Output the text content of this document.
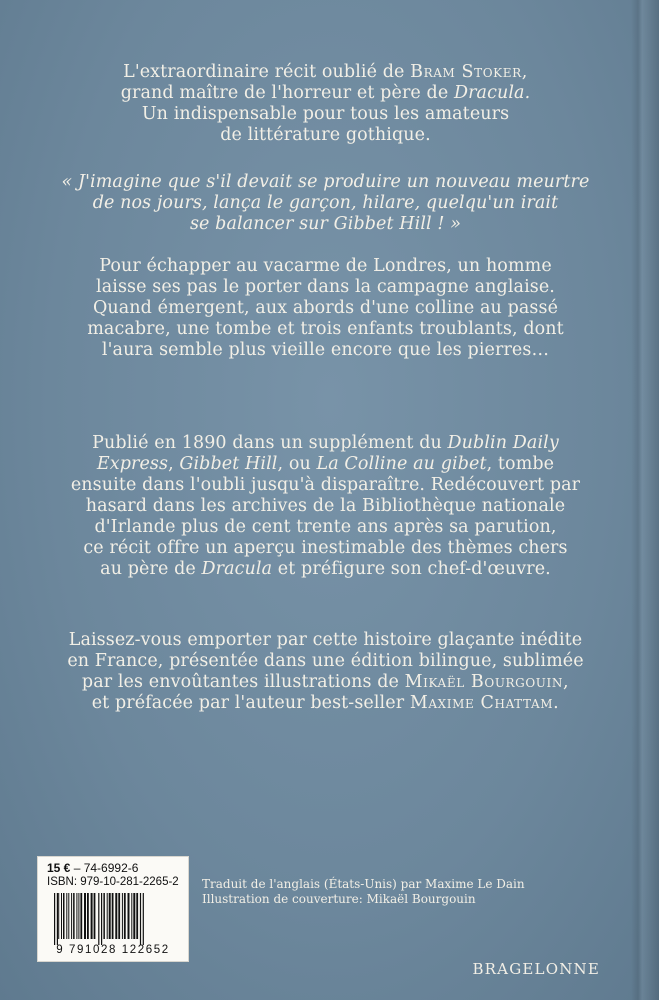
L'extraordinaire récit oublié de Bram Stoker,
grand maître de l'horreur et père de Dracula.
Un indispensable pour tous les amateurs
de littérature gothique.
« J'imagine que s'il devait se produire un nouveau meurtre
de nos jours, lança le garçon, hilare, quelqu'un irait
se balancer sur Gibbet Hill ! »
Pour échapper au vacarme de Londres, un homme
laisse ses pas le porter dans la campagne anglaise.
Quand émergent, aux abords d'une colline au passé
macabre, une tombe et trois enfants troublants, dont
l'aura semble plus vieille encore que les pierres…
Publié en 1890 dans un supplément du Dublin Daily
Express, Gibbet Hill, ou La Colline au gibet, tombe
ensuite dans l'oubli jusqu'à disparaître. Redécouvert par
hasard dans les archives de la Bibliothèque nationale
d'Irlande plus de cent trente ans après sa parution,
ce récit offre un aperçu inestimable des thèmes chers
au père de Dracula et préfigure son chef-d'œuvre.
Laissez-vous emporter par cette histoire glaçante inédite
en France, présentée dans une édition bilingue, sublimée
par les envoûtantes illustrations de Mikaël Bourgouin,
et préfacée par l'auteur best-seller Maxime Chattam.
15 € – 74-6992-6
ISBN: 979-10-281-2265-2
9 791028 122652
Traduit de l'anglais (États-Unis) par Maxime Le Dain
Illustration de couverture: Mikaël Bourgouin
BRAGELONNE
